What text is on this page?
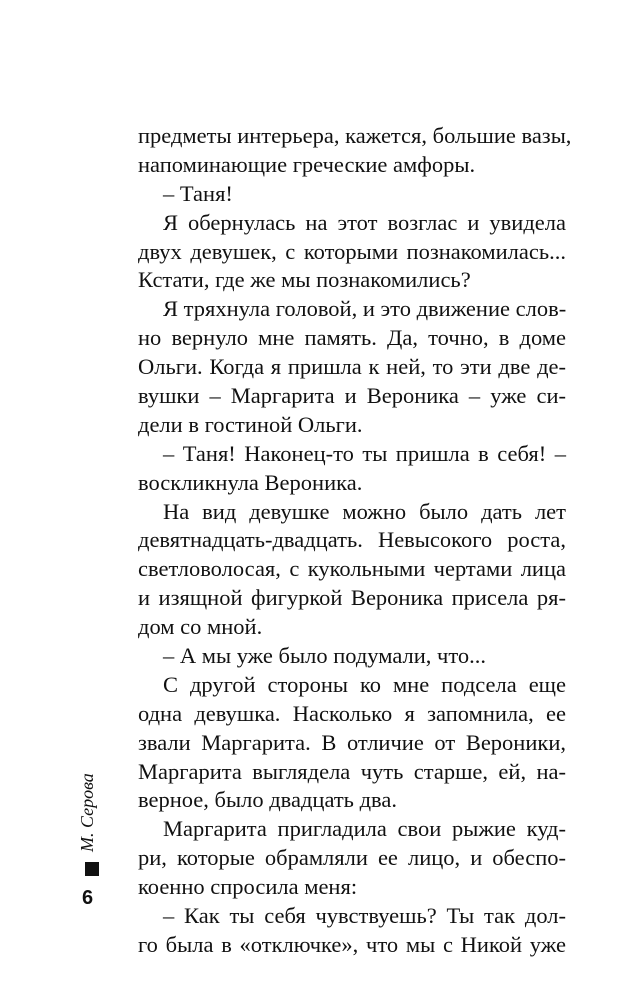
предметы интерьера, кажется, большие вазы,
напоминающие греческие амфоры.
– Таня!
Я обернулась на этот возглас и увидела
двух девушек, с которыми познакомилась...
Кстати, где же мы познакомились?
Я тряхнула головой, и это движение слов-
но вернуло мне память. Да, точно, в доме
Ольги. Когда я пришла к ней, то эти две де-
вушки – Маргарита и Вероника – уже си-
дели в гостиной Ольги.
– Таня! Наконец-то ты пришла в себя! –
воскликнула Вероника.
На вид девушке можно было дать лет
девятнадцать-двадцать. Невысокого роста,
светловолосая, с кукольными чертами лица
и изящной фигуркой Вероника присела ря-
дом со мной.
– А мы уже было подумали, что...
С другой стороны ко мне подсела еще
одна девушка. Насколько я запомнила, ее
звали Маргарита. В отличие от Вероники,
Маргарита выглядела чуть старше, ей, на-
верное, было двадцать два.
Маргарита пригладила свои рыжие куд-
ри, которые обрамляли ее лицо, и обеспо-
коенно спросила меня:
– Как ты себя чувствуешь? Ты так дол-
го была в «отключке», что мы с Никой уже
М. Серова
6
